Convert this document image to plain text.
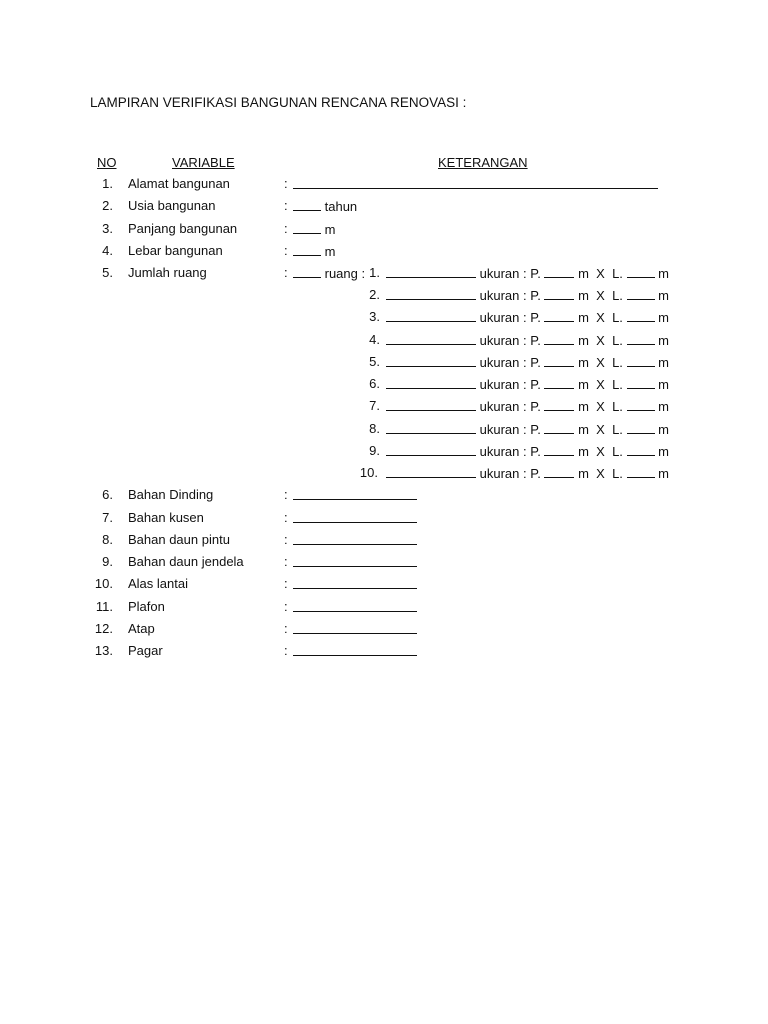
LAMPIRAN VERIFIKASI BANGUNAN RENCANA RENOVASI :
NO	VARIABLE	KETERANGAN
1. Alamat bangunan	:
2. Usia bangunan	:	tahun
3. Panjang bangunan	:	m
4. Lebar bangunan	:	m
5. Jumlah ruang	:	ruang : 1.	ukuran : P.	m X L.	m
2.	ukuran : P.	m X L.	m
3.	ukuran : P.	m X L.	m
4.	ukuran : P.	m X L.	m
5.	ukuran : P.	m X L.	m
6.	ukuran : P.	m X L.	m
7.	ukuran : P.	m X L.	m
8.	ukuran : P.	m X L.	m
9.	ukuran : P.	m X L.	m
10.	ukuran : P.	m X L.	m
6. Bahan Dinding	:
7. Bahan kusen	:
8. Bahan daun pintu	:
9. Bahan daun jendela	:
10. Alas lantai	:
11. Plafon	:
12. Atap	:
13. Pagar	:
